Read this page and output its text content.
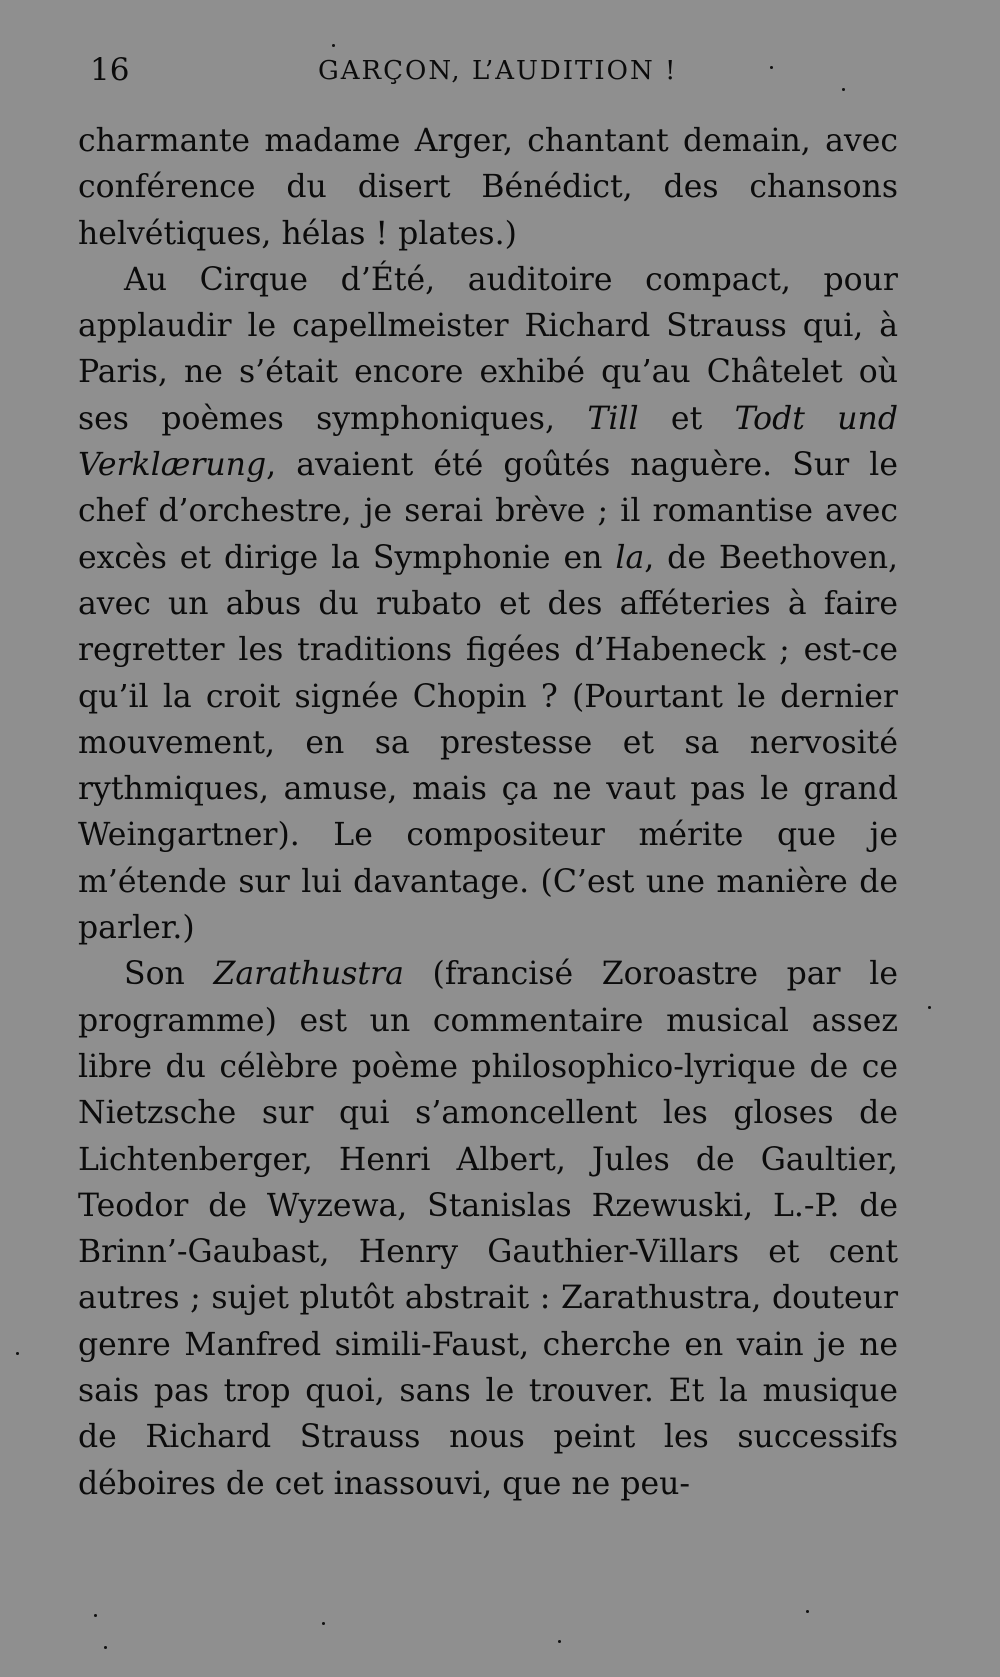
16	GARÇON, L’AUDITION !

charmante madame Arger, chantant demain, avec conférence du disert Bénédict, des chansons helvétiques, hélas ! plates.)

Au Cirque d’Été, auditoire compact, pour applaudir le capellmeister Richard Strauss qui, à Paris, ne s’était encore exhibé qu’au Châtelet où ses poèmes symphoniques, Till et Todt und Verklærung, avaient été goûtés naguère. Sur le chef d’orchestre, je serai brève ; il romantise avec excès et dirige la Symphonie en la, de Beethoven, avec un abus du rubato et des afféteries à faire regretter les traditions figées d’Habeneck ; est-ce qu’il la croit signée Chopin ? (Pourtant le dernier mouvement, en sa prestesse et sa nervosité rythmiques, amuse, mais ça ne vaut pas le grand Weingartner). Le compositeur mérite que je m’étende sur lui davantage. (C’est une manière de parler.)

Son Zarathustra (francisé Zoroastre par le programme) est un commentaire musical assez libre du célèbre poème philosophico-lyrique de ce Nietzsche sur qui s’amoncellent les gloses de Lichtenberger, Henri Albert, Jules de Gaultier, Teodor de Wyzewa, Stanislas Rzewuski, L.-P. de Brinn’-Gaubast, Henry Gauthier-Villars et cent autres ; sujet plutôt abstrait : Zarathustra, douteur genre Manfred simili-Faust, cherche en vain je ne sais pas trop quoi, sans le trouver. Et la musique de Richard Strauss nous peint les successifs déboires de cet inassouvi, que ne peu-
